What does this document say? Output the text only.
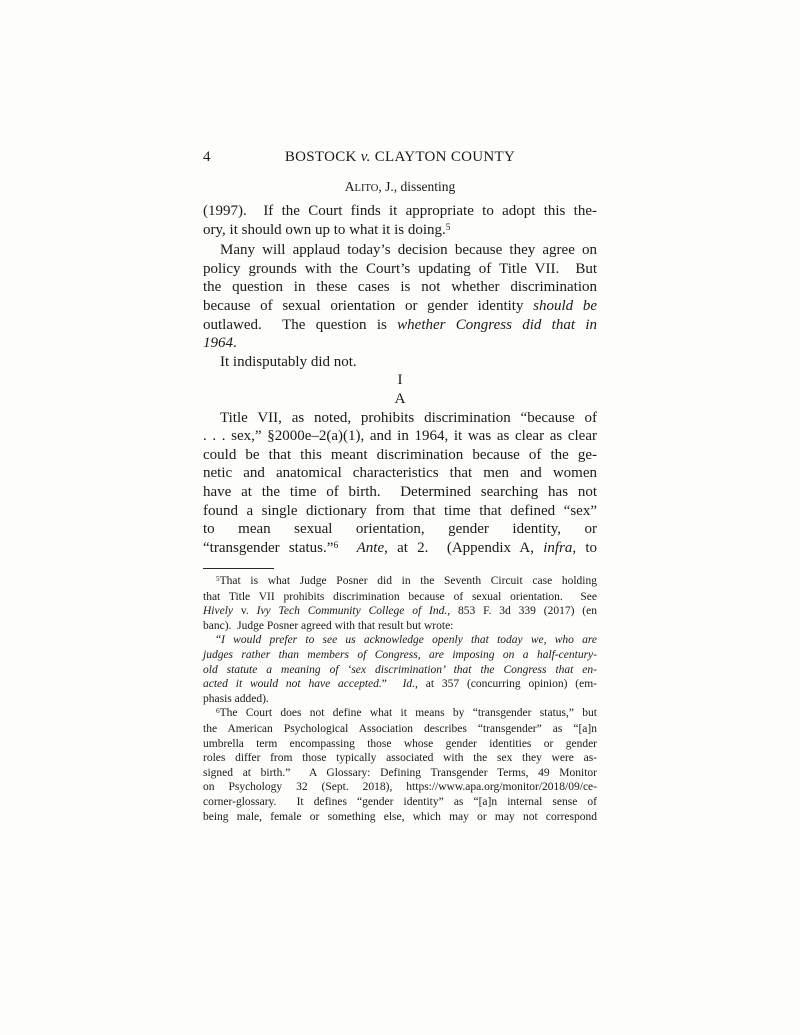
4	BOSTOCK v. CLAYTON COUNTY
ALITO, J., dissenting
(1997).  If the Court finds it appropriate to adopt this the-
ory, it should own up to what it is doing.$^5$
Many will applaud today’s decision because they agree on
policy grounds with the Court’s updating of Title VII.  But
the question in these cases is not whether discrimination
because of sexual orientation or gender identity should be
outlawed.  The question is whether Congress did that in
1964.
It indisputably did not.
I
A
Title VII, as noted, prohibits discrimination “because of
. . . sex,” §2000e–2(a)(1), and in 1964, it was as clear as clear
could be that this meant discrimination because of the ge-
netic and anatomical characteristics that men and women
have at the time of birth.  Determined searching has not
found a single dictionary from that time that defined “sex”
to mean sexual orientation, gender identity, or
“transgender status.”$^6$ Ante, at 2.  (Appendix A, infra, to
$^5$That is what Judge Posner did in the Seventh Circuit case holding
that Title VII prohibits discrimination because of sexual orientation.  See
Hively v. Ivy Tech Community College of Ind., 853 F. 3d 339 (2017) (en
banc).  Judge Posner agreed with that result but wrote:
“I would prefer to see us acknowledge openly that today we, who are
judges rather than members of Congress, are imposing on a half-century-
old statute a meaning of ‘sex discrimination’ that the Congress that en-
acted it would not have accepted.”  Id., at 357 (concurring opinion) (em-
phasis added).
$^6$The Court does not define what it means by “transgender status,” but
the American Psychological Association describes “transgender” as “[a]n
umbrella term encompassing those whose gender identities or gender
roles differ from those typically associated with the sex they were as-
signed at birth.”  A Glossary: Defining Transgender Terms, 49 Monitor
on Psychology 32 (Sept. 2018), https://www.apa.org/monitor/2018/09/ce-
corner-glossary.  It defines “gender identity” as “[a]n internal sense of
being male, female or something else, which may or may not correspond
